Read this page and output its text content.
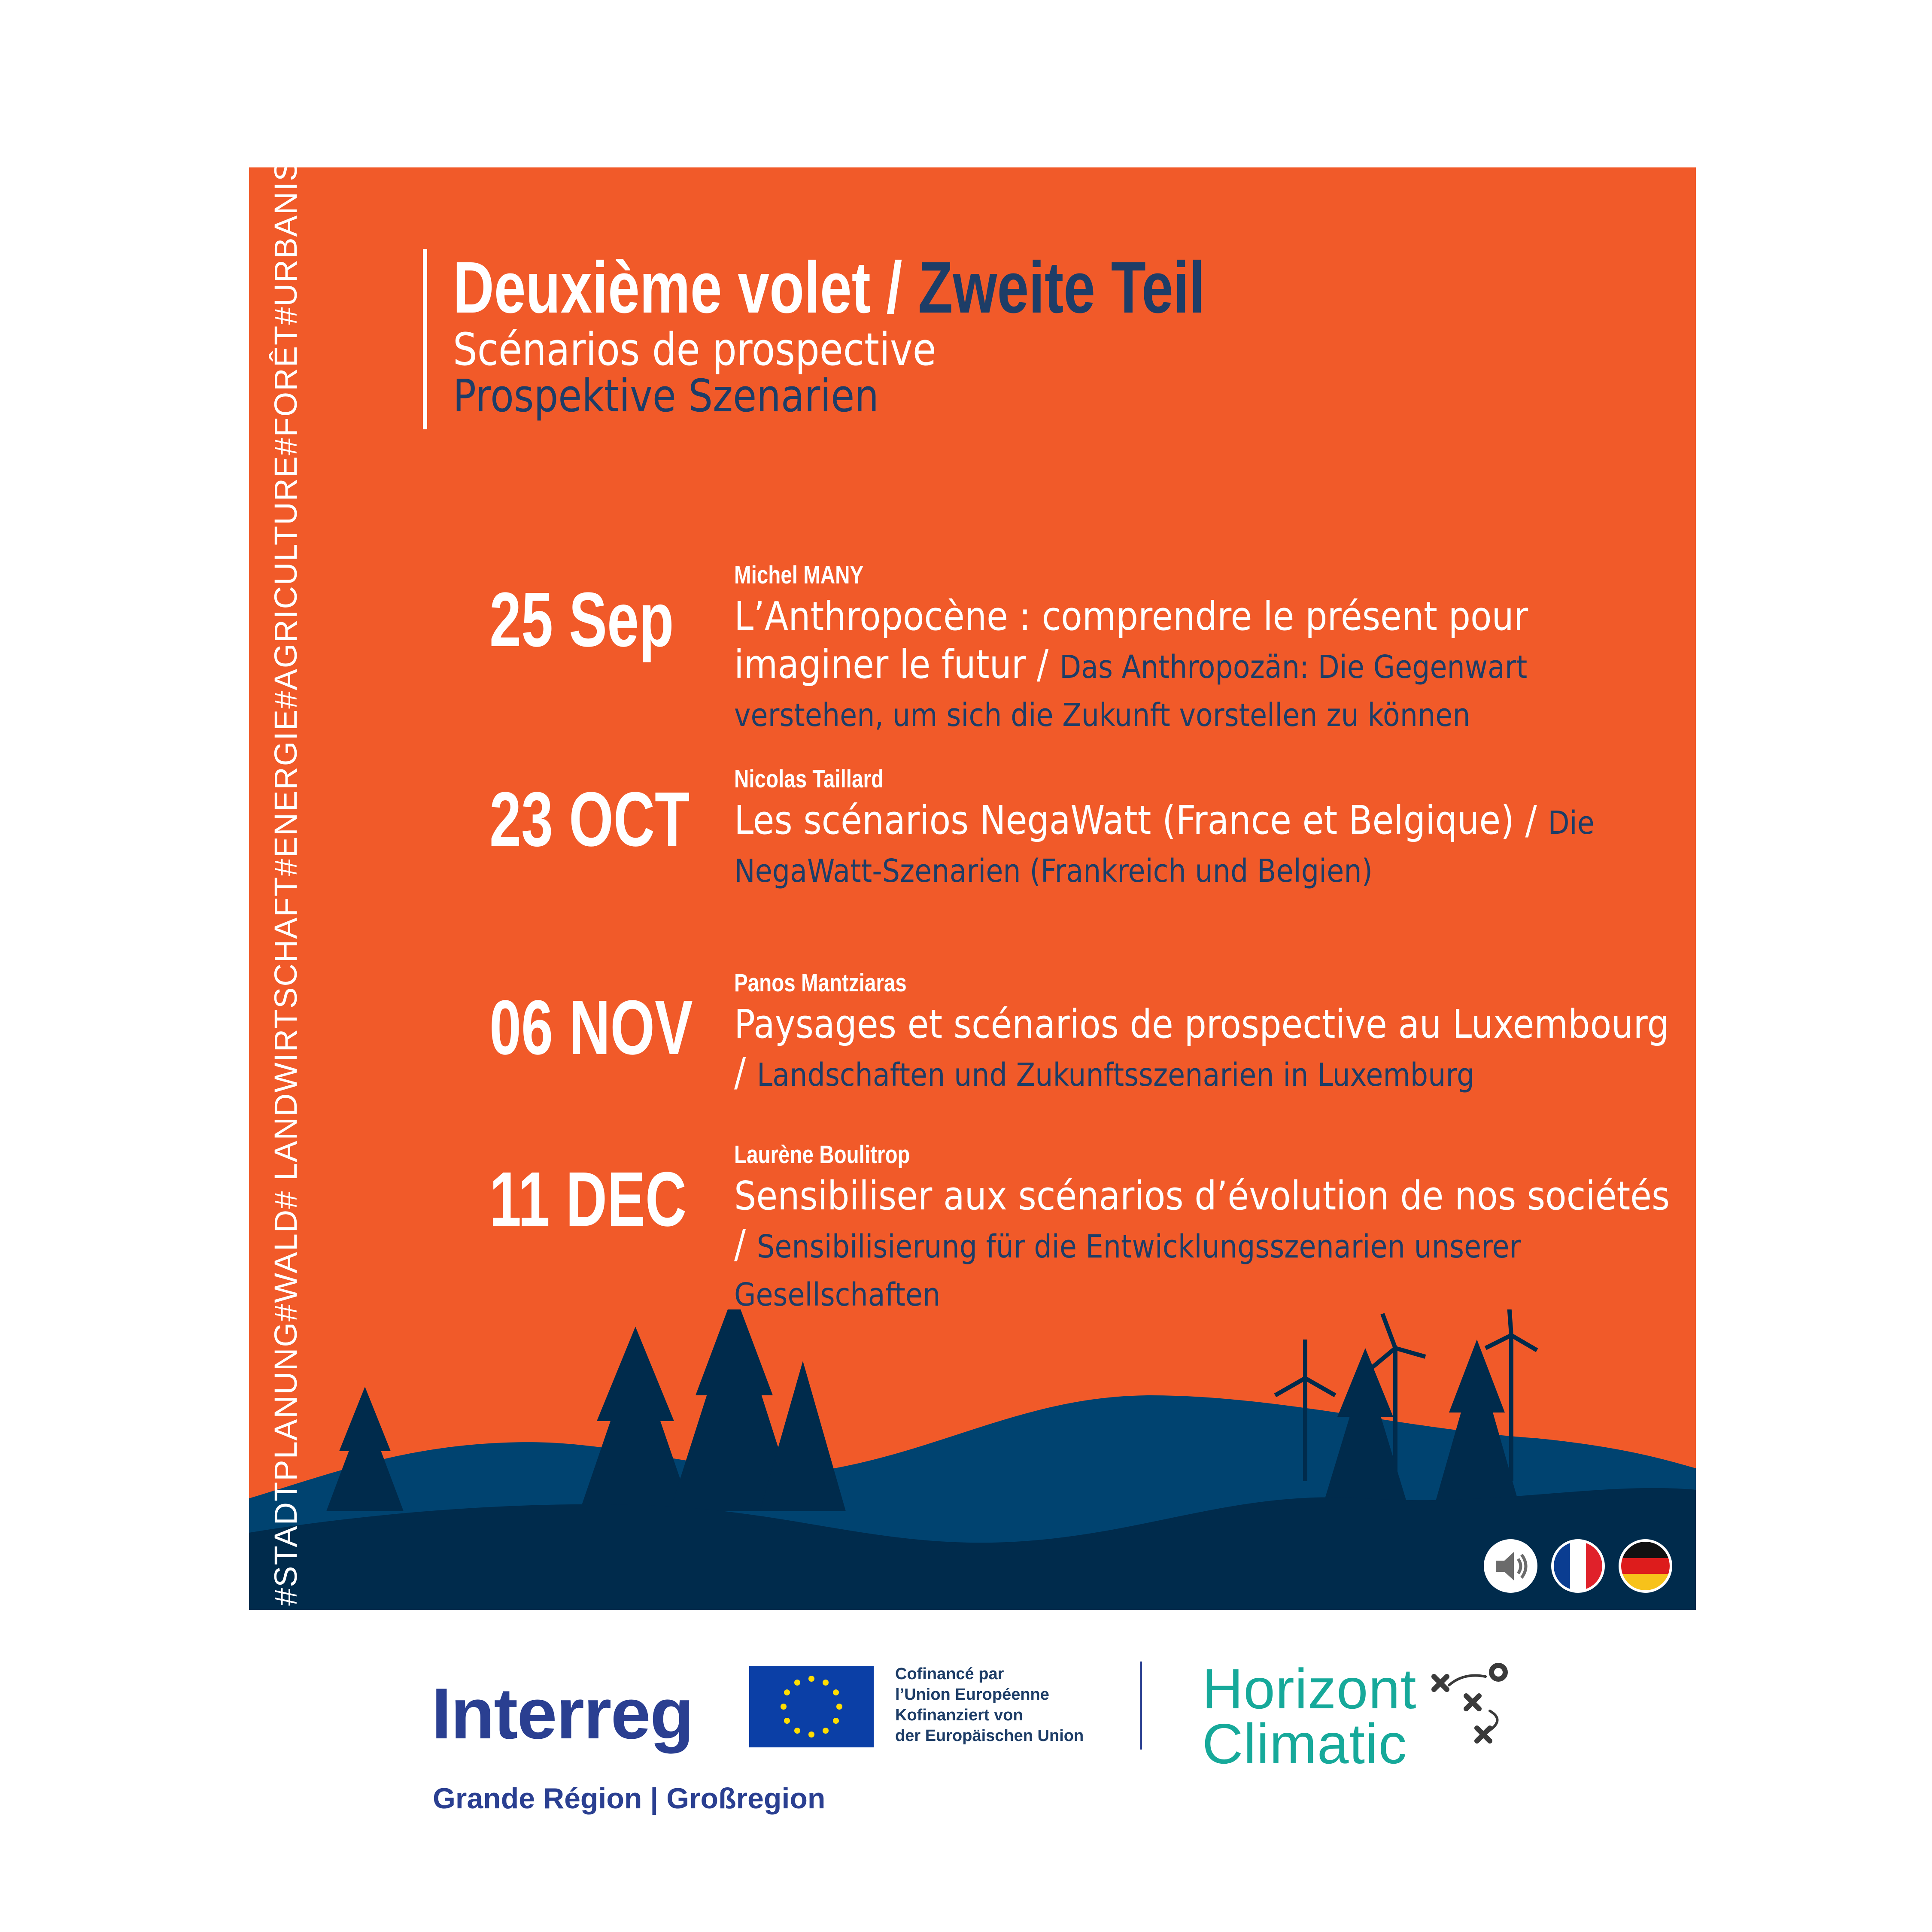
#STADTPLANUNG
#WALD
# LANDWIRTSCHAFT
#ENERGIE
#AGRICULTURE
#FORÊT
#URBANISME Deuxième volet / Zweite Teil
Scénarios de prospective
Prospektive Szenarien
25 Sep
Michel MANY
L’Anthropocène : comprendre le présent pour imaginer le futur / Das Anthropozän: Die Gegenwart verstehen, um sich die Zukunft vorstellen zu können
23 OCT Nicolas Taillard
Les scénarios NegaWatt (France et Belgique) / Die NegaWatt-Szenarien (Frankreich und Belgien)
06 NOV
Panos Mantziaras
Paysages et scénarios de prospective au Luxembourg / Landschaften und Zukunftsszenarien in Luxemburg
11 DEC
Laurène Boulitrop
Sensibiliser aux scénarios d’évolution de nos sociétés / Sensibilisierung für die Entwicklungsszenarien unserer Gesellschaften
Interreg
Grande Région | Großregion
Cofinancé par
l’Union Européenne
Kofinanziert von
der Europäischen Union
Horizont
Climatic
